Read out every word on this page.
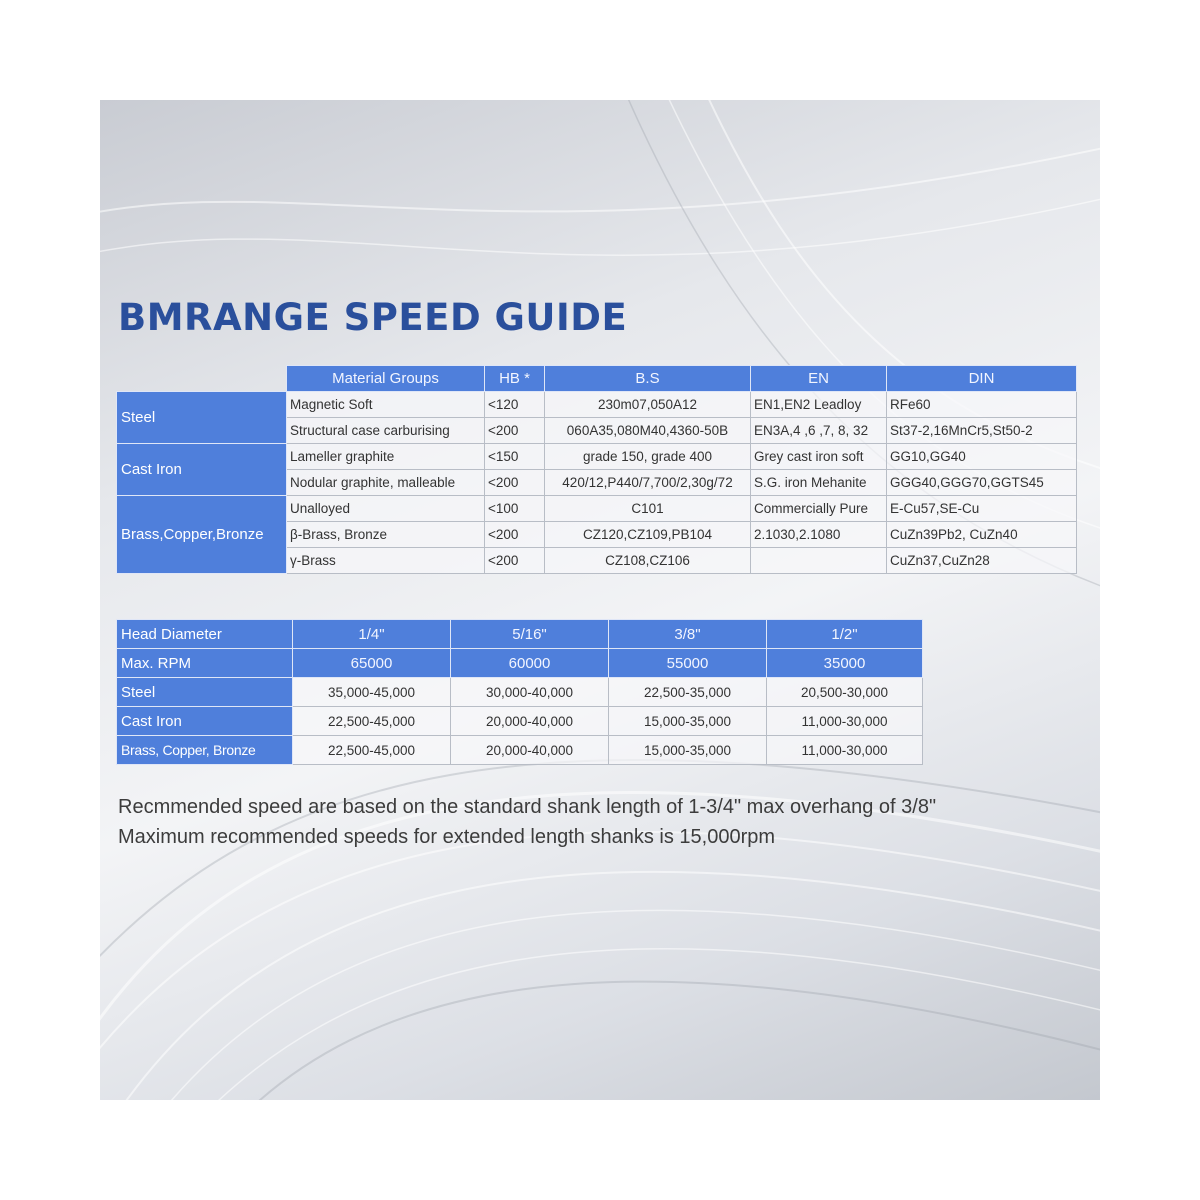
BMRANGE SPEED GUIDE
	Material Groups	HB *	B.S	EN	DIN
Steel	Magnetic Soft	<120	230m07,050A12	EN1,EN2 Leadloy	RFe60
	Structural case carburising	<200	060A35,080M40,4360-50B	EN3A,4 ,6 ,7, 8, 32	St37-2,16MnCr5,St50-2
Cast Iron	Lameller graphite	<150	grade 150, grade 400	Grey cast iron soft	GG10,GG40
	Nodular graphite, malleable	<200	420/12,P440/7,700/2,30g/72	S.G. iron Mehanite	GGG40,GGG70,GGTS45
Brass,Copper,Bronze	Unalloyed	<100	C101	Commercially Pure	E-Cu57,SE-Cu
	β-Brass, Bronze	<200	CZ120,CZ109,PB104	2.1030,2.1080	CuZn39Pb2, CuZn40
	γ-Brass	<200	CZ108,CZ106		CuZn37,CuZn28
Head Diameter	1/4"	5/16"	3/8"	1/2"
Max. RPM	65000	60000	55000	35000
Steel	35,000-45,000	30,000-40,000	22,500-35,000	20,500-30,000
Cast Iron	22,500-45,000	20,000-40,000	15,000-35,000	11,000-30,000
Brass, Copper, Bronze	22,500-45,000	20,000-40,000	15,000-35,000	11,000-30,000

Recmmended speed are based on the standard shank length of 1-3/4" max overhang of 3/8"

Maximum recommended speeds for extended length shanks is 15,000rpm
